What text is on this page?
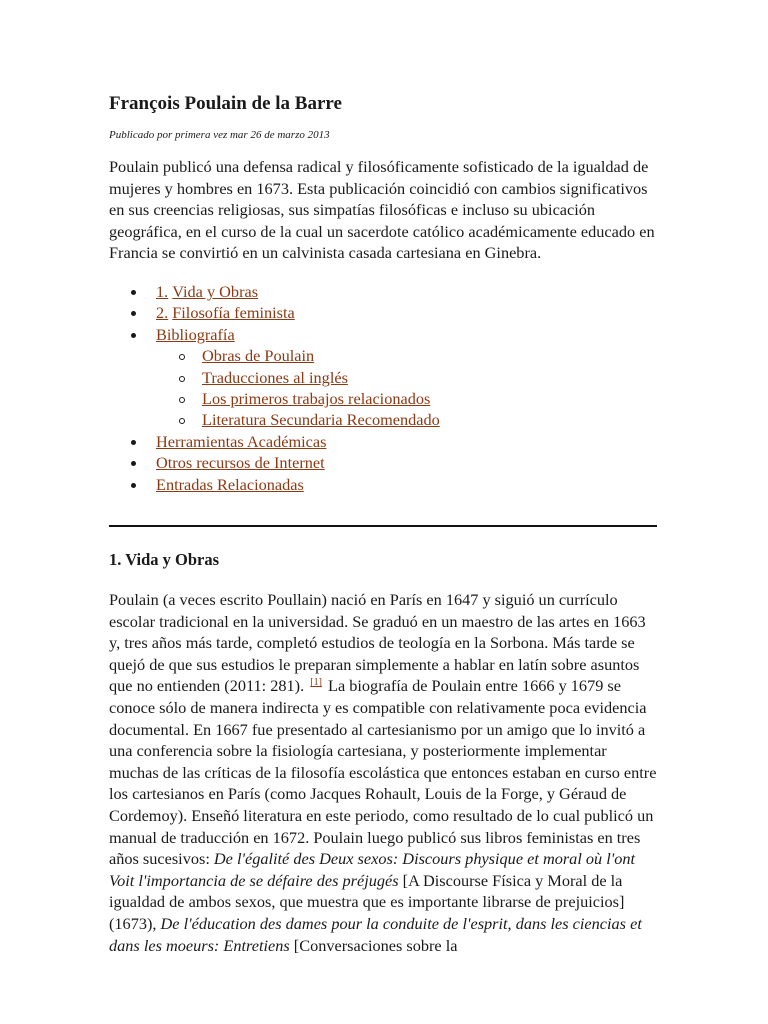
François Poulain de la Barre
Publicado por primera vez mar 26 de marzo 2013

Poulain publicó una defensa radical y filosóficamente sofisticado de la igualdad de mujeres y hombres en 1673. Esta publicación coincidió con cambios significativos en sus creencias religiosas, sus simpatías filosóficas e incluso su ubicación geográfica, en el curso de la cual un sacerdote católico académicamente educado en Francia se convirtió en un calvinista casada cartesiana en Ginebra.

1. Vida y Obras
2. Filosofía feminista
Bibliografía
Obras de Poulain
Traducciones al inglés
Los primeros trabajos relacionados
Literatura Secundaria Recomendado
Herramientas Académicas
Otros recursos de Internet
Entradas Relacionadas
1. Vida y Obras

Poulain (a veces escrito Poullain) nació en París en 1647 y siguió un currículo escolar tradicional en la universidad. Se graduó en un maestro de las artes en 1663 y, tres años más tarde, completó estudios de teología en la Sorbona. Más tarde se quejó de que sus estudios le preparan simplemente a hablar en latín sobre asuntos que no entienden (2011: 281). [1] La biografía de Poulain entre 1666 y 1679 se conoce sólo de manera indirecta y es compatible con relativamente poca evidencia documental. En 1667 fue presentado al cartesianismo por un amigo que lo invitó a una conferencia sobre la fisiología cartesiana, y posteriormente implementar muchas de las críticas de la filosofía escolástica que entonces estaban en curso entre los cartesianos en París (como Jacques Rohault, Louis de la Forge, y Géraud de Cordemoy). Enseñó literatura en este periodo, como resultado de lo cual publicó un manual de traducción en 1672. Poulain luego publicó sus libros feministas en tres años sucesivos: De l'égalité des Deux sexos: Discours physique et moral où l'ont Voit l'importancia de se défaire des préjugés [A Discourse Física y Moral de la igualdad de ambos sexos, que muestra que es importante librarse de prejuicios] (1673), De l'éducation des dames pour la conduite de l'esprit, dans les ciencias et dans les moeurs: Entretiens [Conversaciones sobre la
